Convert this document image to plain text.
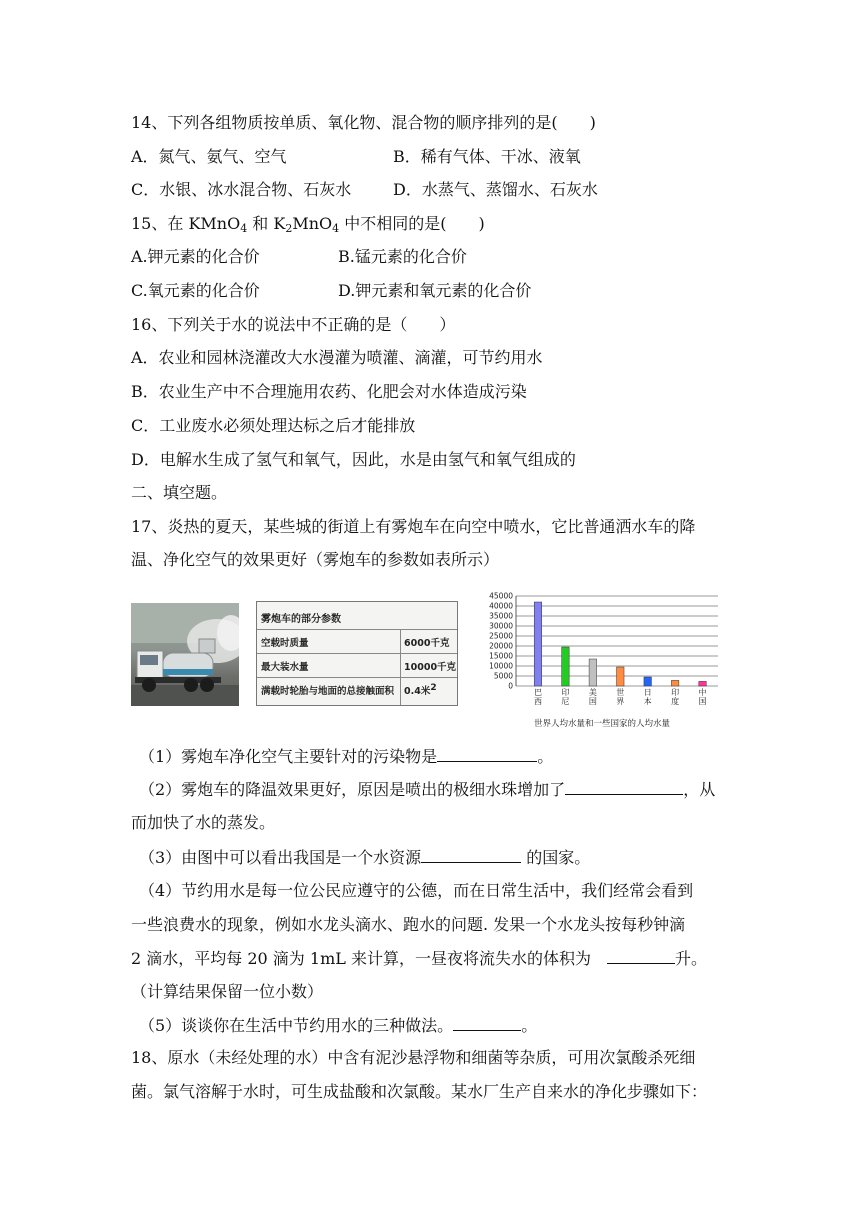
14、下列各组物质按单质、氧化物、混合物的顺序排列的是(　　)
A．氮气、氨气、空气	B．稀有气体、干冰、液氧
C．水银、冰水混合物、石灰水	D．水蒸气、蒸馏水、石灰水
15、在 KMnO$_4$ 和 $K_2MnO_4$ 中不相同的是(　　)
A.钾元素的化合价	B.锰元素的化合价
C.氧元素的化合价	D.钾元素和氧元素的化合价
16、下列关于水的说法中不正确的是（　　）
A．农业和园林浇灌改大水漫灌为喷灌、滴灌，可节约用水
B．农业生产中不合理施用农药、化肥会对水体造成污染
C．工业废水必须处理达标之后才能排放
D．电解水生成了氢气和氧气，因此，水是由氢气和氧气组成的
二、填空题。
17、炎热的夏天，某些城的街道上有雾炮车在向空中喷水，它比普通洒水车的降
温、净化空气的效果更好（雾炮车的参数如表所示）
雾炮车的部分参数
空载时质量	6000千克
最大装水量	10000千克
满载时轮胎与地面的总接触面积 0.4米$^2$	0
5000
10000
15000
20000
25000
30000
35000
40000
45000
巴
西
印
尼
美
国
世
界
日
本
印
度
中
国
世界人均水量和一些国家的人均水量
（1）雾炮车净化空气主要针对的污染物是	。
（2）雾炮车的降温效果更好，原因是喷出的极细水珠增加了	，从
而加快了水的蒸发。
（3）由图中可以看出我国是一个水资源	的国家。
（4）节约用水是每一位公民应遵守的公德，而在日常生活中，我们经常会看到
一些浪费水的现象，例如水龙头滴水、跑水的问题. 发果一个水龙头按每秒钟滴
2 滴水，平均每 20 滴为 1mL 来计算，一昼夜将流失水的体积为　	升。
（计算结果保留一位小数）
（5）谈谈你在生活中节约用水的三种做法。	。
18、原水（未经处理的水）中含有泥沙悬浮物和细菌等杂质，可用次氯酸杀死细
菌。氯气溶解于水时，可生成盐酸和次氯酸。某水厂生产自来水的净化步骤如下：
